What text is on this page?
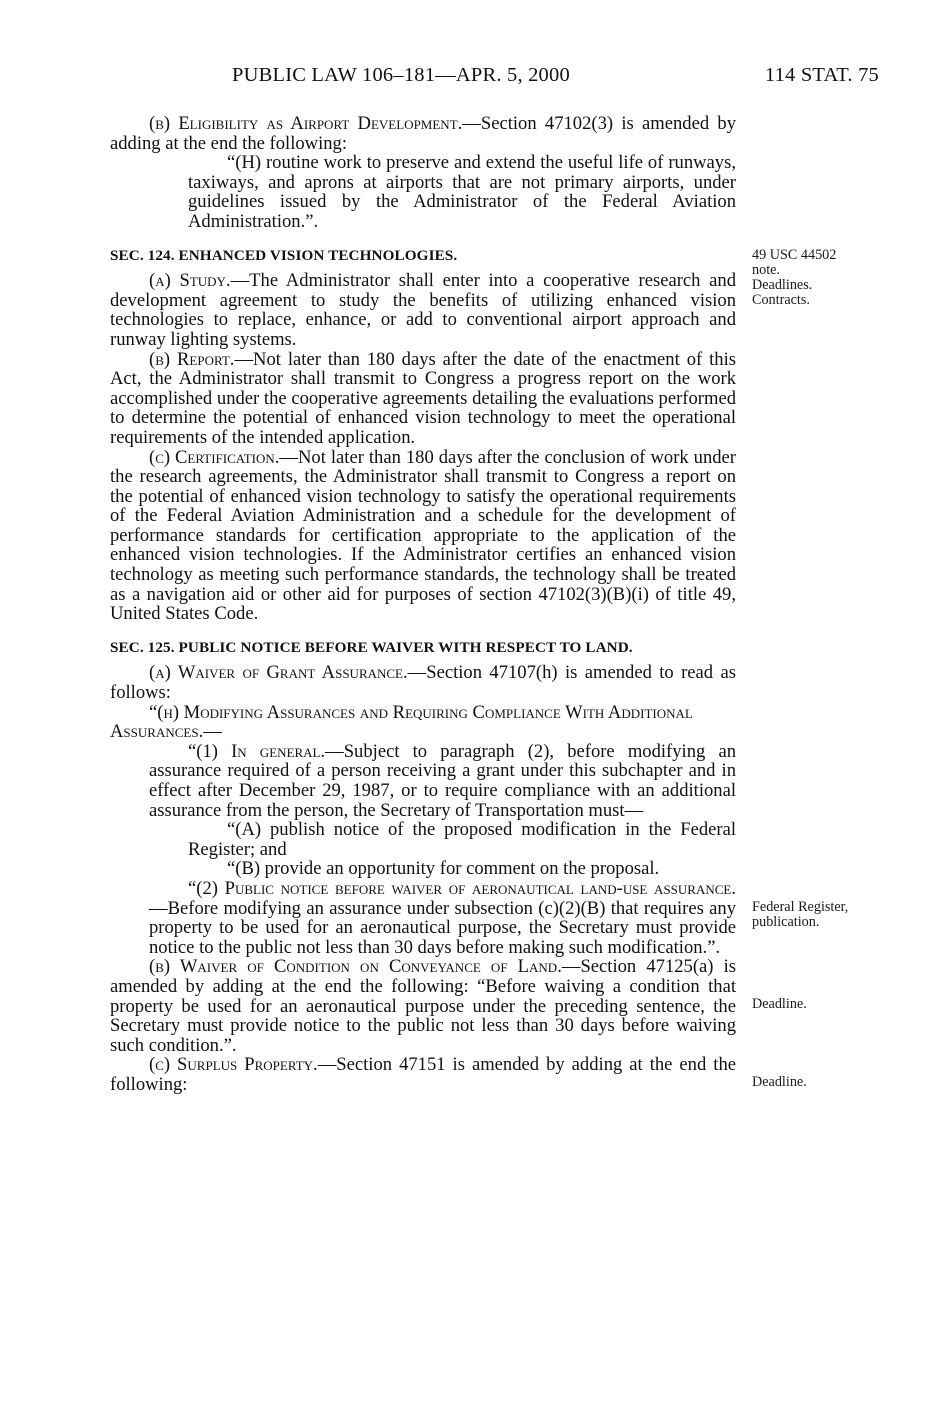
PUBLIC LAW 106–181—APR. 5, 2000	114 STAT. 75

(b) Eligibility as Airport Development.—Section 47102(3) is amended by adding at the end the following:

“(H) routine work to preserve and extend the useful life of runways, taxiways, and aprons at airports that are not primary airports, under guidelines issued by the Administrator of the Federal Aviation Administration.”.

SEC. 124. ENHANCED VISION TECHNOLOGIES.

(a) Study.—The Administrator shall enter into a cooperative research and development agreement to study the benefits of utilizing enhanced vision technologies to replace, enhance, or add to conventional airport approach and runway lighting systems.

(b) Report.—Not later than 180 days after the date of the enactment of this Act, the Administrator shall transmit to Congress a progress report on the work accomplished under the cooperative agreements detailing the evaluations performed to determine the potential of enhanced vision technology to meet the operational requirements of the intended application.

(c) Certification.—Not later than 180 days after the conclusion of work under the research agreements, the Administrator shall transmit to Congress a report on the potential of enhanced vision technology to satisfy the operational requirements of the Federal Aviation Administration and a schedule for the development of performance standards for certification appropriate to the application of the enhanced vision technologies. If the Administrator certifies an enhanced vision technology as meeting such performance standards, the technology shall be treated as a navigation aid or other aid for purposes of section 47102(3)(B)(i) of title 49, United States Code.

SEC. 125. PUBLIC NOTICE BEFORE WAIVER WITH RESPECT TO LAND.

(a) Waiver of Grant Assurance.—Section 47107(h) is amended to read as follows:

“(h) Modifying Assurances and Requiring Compliance With Additional Assurances.—

“(1) In general.—Subject to paragraph (2), before modifying an assurance required of a person receiving a grant under this subchapter and in effect after December 29, 1987, or to require compliance with an additional assurance from the person, the Secretary of Transportation must—

“(A) publish notice of the proposed modification in the Federal Register; and

“(B) provide an opportunity for comment on the proposal.

“(2) Public notice before waiver of aeronautical land-use assurance.—Before modifying an assurance under subsection (c)(2)(B) that requires any property to be used for an aeronautical purpose, the Secretary must provide notice to the public not less than 30 days before making such modification.”.

(b) Waiver of Condition on Conveyance of Land.—Section 47125(a) is amended by adding at the end the following: “Before waiving a condition that property be used for an aeronautical purpose under the preceding sentence, the Secretary must provide notice to the public not less than 30 days before waiving such condition.”.

(c) Surplus Property.—Section 47151 is amended by adding at the end the following:

49 USC 44502
note.
Deadlines.
Contracts.
Federal Register,
publication.
Deadline.
Deadline.
